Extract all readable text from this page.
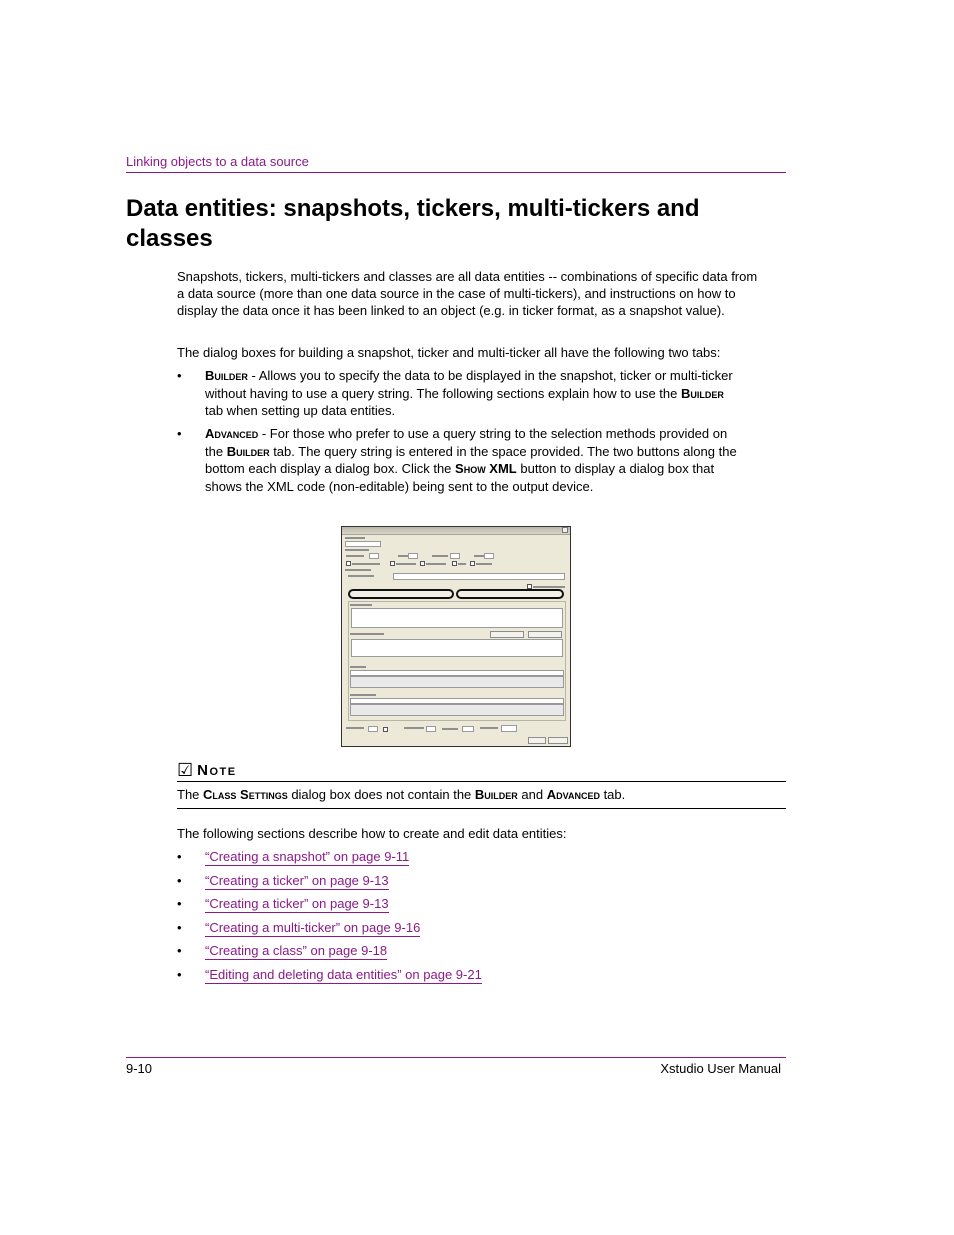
Linking objects to a data source
Data entities: snapshots, tickers, multi-tickers and classes
Snapshots, tickers, multi-tickers and classes are all data entities -- combinations of specific data from a data source (more than one data source in the case of multi-tickers), and instructions on how to display the data once it has been linked to an object (e.g. in ticker format, as a snapshot value).
The dialog boxes for building a snapshot, ticker and multi-ticker all have the following two tabs:
• Builder - Allows you to specify the data to be displayed in the snapshot, ticker or multi-ticker without having to use a query string. The following sections explain how to use the Builder tab when setting up data entities.
• Advanced - For those who prefer to use a query string to the selection methods provided on the Builder tab. The query string is entered in the space provided. The two buttons along the bottom each display a dialog box. Click the Show XML button to display a dialog box that shows the XML code (non-editable) being sent to the output device.
☑ Note
The Class Settings dialog box does not contain the Builder and Advanced tab.
The following sections describe how to create and edit data entities:
• “Creating a snapshot” on page 9-11
• “Creating a ticker” on page 9-13
• “Creating a ticker” on page 9-13
• “Creating a multi-ticker” on page 9-16
• “Creating a class” on page 9-18
• “Editing and deleting data entities” on page 9-21
9-10	Xstudio User Manual
